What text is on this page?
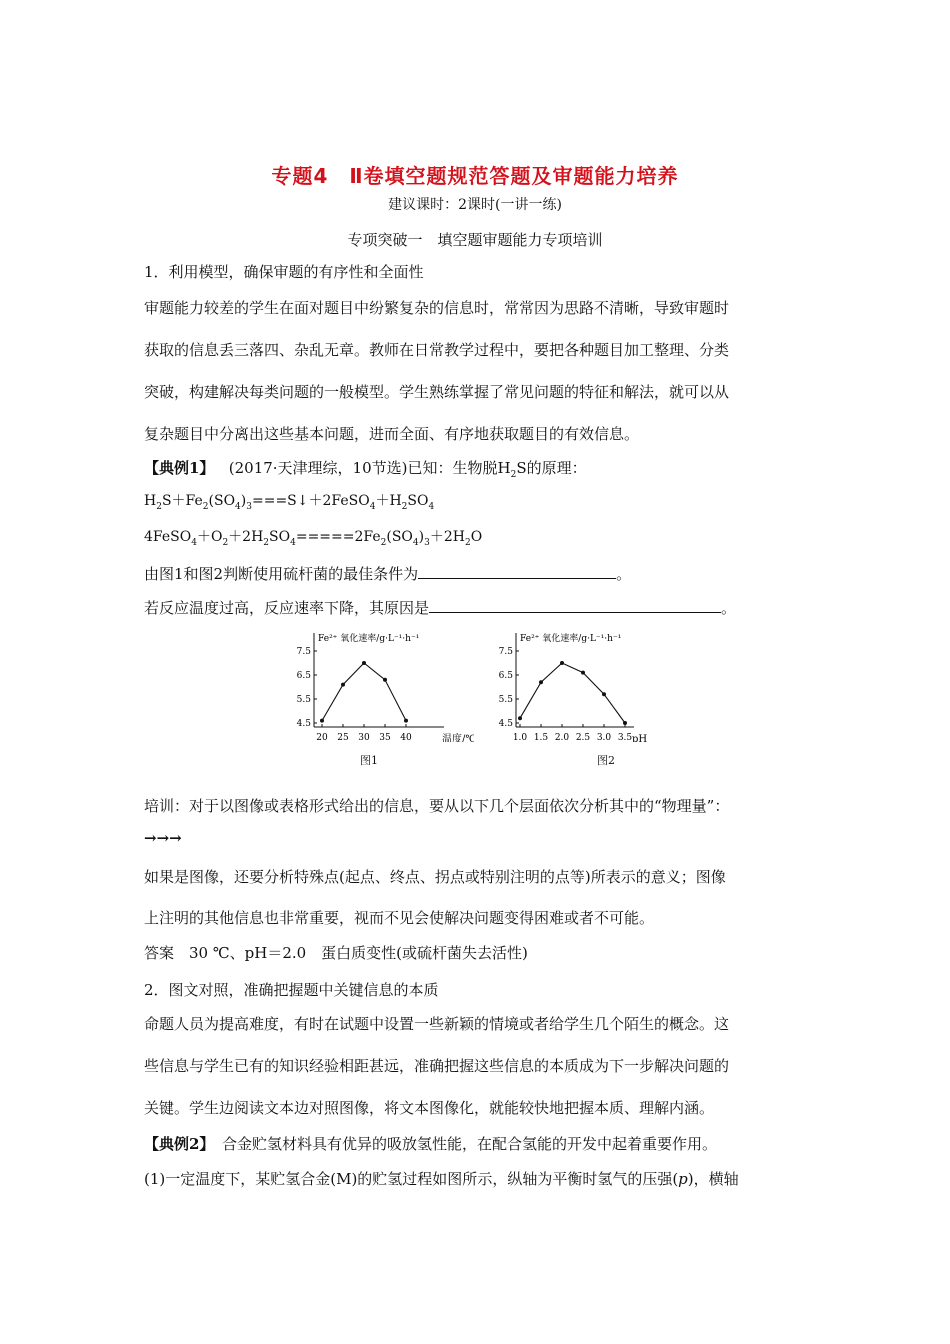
专题4　Ⅱ卷填空题规范答题及审题能力培养
建议课时：2课时(一讲一练)
专项突破一　填空题审题能力专项培训
1．利用模型，确保审题的有序性和全面性
审题能力较差的学生在面对题目中纷繁复杂的信息时，常常因为思路不清晰，导致审题时
获取的信息丢三落四、杂乱无章。教师在日常教学过程中，要把各种题目加工整理、分类
突破，构建解决每类问题的一般模型。学生熟练掌握了常见问题的特征和解法，就可以从
复杂题目中分离出这些基本问题，进而全面、有序地获取题目的有效信息。
【典例1】 (2017·天津理综，10节选)已知：生物脱$H_2S$的原理：
$H_2S+Fe_2(SO_4)_3===S↓+2FeSO_4+H_2SO_4$
$4FeSO_4+O_2+2H_2SO_4=====2Fe_2(SO_4)_3+2H_2O$
由图1和图2判断使用硫杆菌的最佳条件为	。
若反应温度过高，反应速率下降，其原因是	。
Fe²⁺ 氧化速率/g·L⁻¹·h⁻¹
7.5
6.5
5.5
4.5
20 25 30 35 40	温度/℃
图1
Fe²⁺ 氧化速率/g·L⁻¹·h⁻¹
7.5
6.5
5.5
4.5
1.0 1.5 2.0 2.5 3.0 3.5 pH
图2
培训：对于以图像或表格形式给出的信息，要从以下几个层面依次分析其中的“物理量”：
→→→
如果是图像，还要分析特殊点(起点、终点、拐点或特别注明的点等)所表示的意义；图像
上注明的其他信息也非常重要，视而不见会使解决问题变得困难或者不可能。
答案　30 ℃、pH＝2.0　蛋白质变性(或硫杆菌失去活性)
2．图文对照，准确把握题中关键信息的本质
命题人员为提高难度，有时在试题中设置一些新颖的情境或者给学生几个陌生的概念。这
些信息与学生已有的知识经验相距甚远，准确把握这些信息的本质成为下一步解决问题的
关键。学生边阅读文本边对照图像，将文本图像化，就能较快地把握本质、理解内涵。
【典例2】　合金贮氢材料具有优异的吸放氢性能，在配合氢能的开发中起着重要作用。
(1)一定温度下，某贮氢合金(M)的贮氢过程如图所示，纵轴为平衡时氢气的压强(p)，横轴
